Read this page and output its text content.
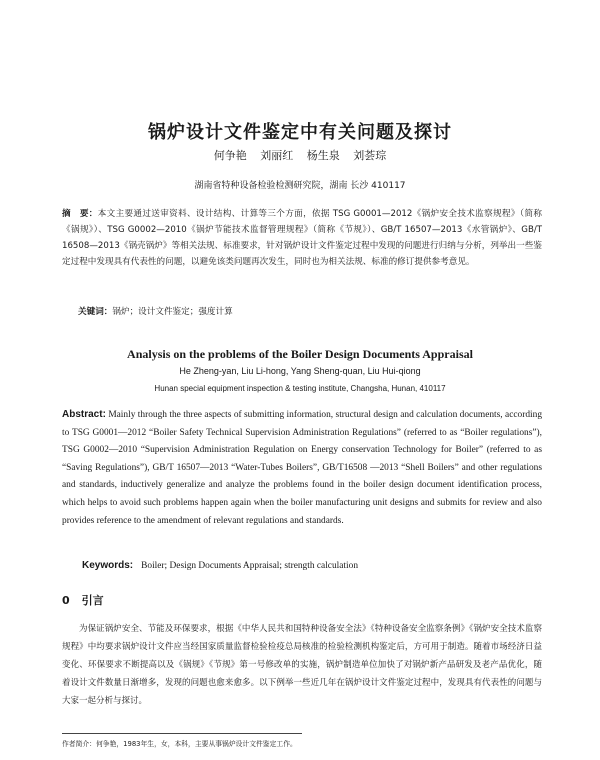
锅炉设计文件鉴定中有关问题及探讨
何争艳 刘丽红 杨生泉 刘荟琮
湖南省特种设备检验检测研究院，湖南 长沙 410117
摘　要：本文主要通过送审资料、设计结构、计算等三个方面，依据 TSG G0001—2012《锅炉安全技术监察规程》（简称《锅规》）、TSG G0002—2010《锅炉节能技术监督管理规程》（简称《节规》）、GB/T 16507—2013《水管锅炉》、GB/T 16508—2013《锅壳锅炉》等相关法规、标准要求，针对锅炉设计文件鉴定过程中发现的问题进行归纳与分析，列举出一些鉴定过程中发现具有代表性的问题，以避免该类问题再次发生，同时也为相关法规、标准的修订提供参考意见。
关键词：锅炉；设计文件鉴定；强度计算
Analysis on the problems of the Boiler Design Documents Appraisal
He Zheng-yan, Liu Li-hong, Yang Sheng-quan, Liu Hui-qiong
Hunan special equipment inspection & testing institute, Changsha, Hunan, 410117
Abstract: Mainly through the three aspects of submitting information, structural design and calculation documents, according to TSG G0001—2012 “Boiler Safety Technical Supervision Administration Regulations” (referred to as “Boiler regulations”), TSG G0002—2010 “Supervision Administration Regulation on Energy conservation Technology for Boiler” (referred to as “Saving Regulations”), GB/T 16507—2013 “Water-Tubes Boilers”, GB/T16508 —2013 “Shell Boilers” and other regulations and standards, inductively generalize and analyze the problems found in the boiler design document identification process, which helps to avoid such problems happen again when the boiler manufacturing unit designs and submits for review and also provides reference to the amendment of relevant regulations and standards.
Keywords: Boiler; Design Documents Appraisal; strength calculation
0 引言
为保证锅炉安全、节能及环保要求，根据《中华人民共和国特种设备安全法》《特种设备安全监察条例》《锅炉安全技术监察规程》中均要求锅炉设计文件应当经国家质量监督检验检疫总局核准的检验检测机构鉴定后，方可用于制造。随着市场经济日益变化、环保要求不断提高以及《锅规》《节规》第一号修改单的实施，锅炉制造单位加快了对锅炉新产品研发及老产品优化，随着设计文件数量日渐增多，发现的问题也愈来愈多。以下例举一些近几年在锅炉设计文件鉴定过程中，发现具有代表性的问题与大家一起分析与探讨。
作者简介：何争艳，1983年生，女，本科，主要从事锅炉设计文件鉴定工作。
